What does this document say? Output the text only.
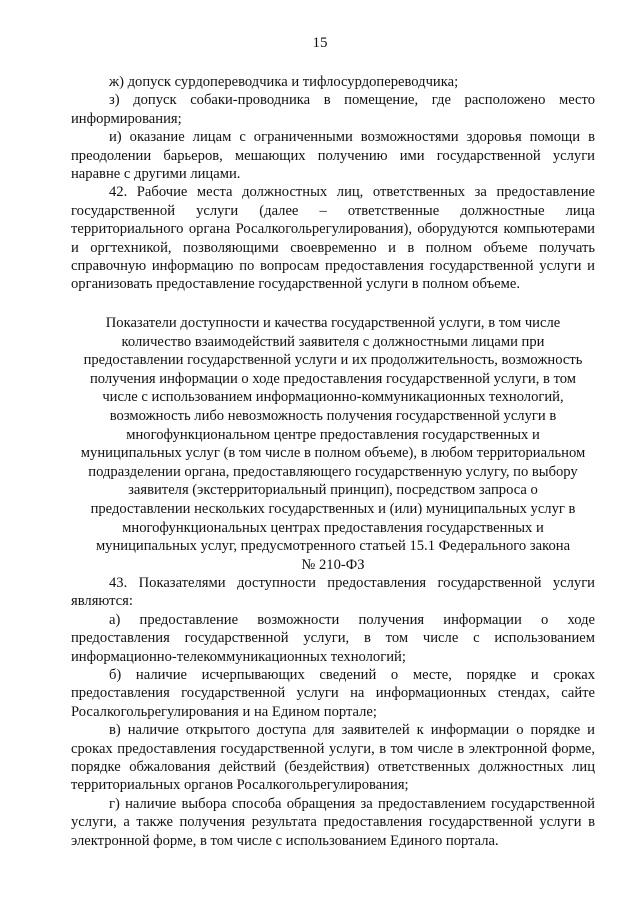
15

ж) допуск сурдопереводчика и тифлосурдопереводчика;

з) допуск собаки-проводника в помещение, где расположено место информирования;

и) оказание лицам с ограниченными возможностями здоровья помощи в преодолении барьеров, мешающих получению ими государственной услуги наравне с другими лицами.

42. Рабочие места должностных лиц, ответственных за предоставление государственной услуги (далее – ответственные должностные лица территориального органа Росалкогольрегулирования), оборудуются компьютерами и оргтехникой, позволяющими своевременно и в полном объеме получать справочную информацию по вопросам предоставления государственной услуги и организовать предоставление государственной услуги в полном объеме.

Показатели доступности и качества государственной услуги, в том числе
количество взаимодействий заявителя с должностными лицами при
предоставлении государственной услуги и их продолжительность, возможность
получения информации о ходе предоставления государственной услуги, в том
числе с использованием информационно-коммуникационных технологий,
возможность либо невозможность получения государственной услуги в
многофункциональном центре предоставления государственных и
муниципальных услуг (в том числе в полном объеме), в любом территориальном
подразделении органа, предоставляющего государственную услугу, по выбору
заявителя (экстерриториальный принцип), посредством запроса о
предоставлении нескольких государственных и (или) муниципальных услуг в
многофункциональных центрах предоставления государственных и
муниципальных услуг, предусмотренного статьей 15.1 Федерального закона
№ 210-ФЗ

43. Показателями доступности предоставления государственной услуги являются:

а) предоставление возможности получения информации о ходе предоставления государственной услуги, в том числе с использованием информационно-телекоммуникационных технологий;

б) наличие исчерпывающих сведений о месте, порядке и сроках предоставления государственной услуги на информационных стендах, сайте Росалкогольрегулирования и на Едином портале;

в) наличие открытого доступа для заявителей к информации о порядке и сроках предоставления государственной услуги, в том числе в электронной форме, порядке обжалования действий (бездействия) ответственных должностных лиц территориальных органов Росалкогольрегулирования;

г) наличие выбора способа обращения за предоставлением государственной услуги, а также получения результата предоставления государственной услуги в электронной форме, в том числе с использованием Единого портала.
